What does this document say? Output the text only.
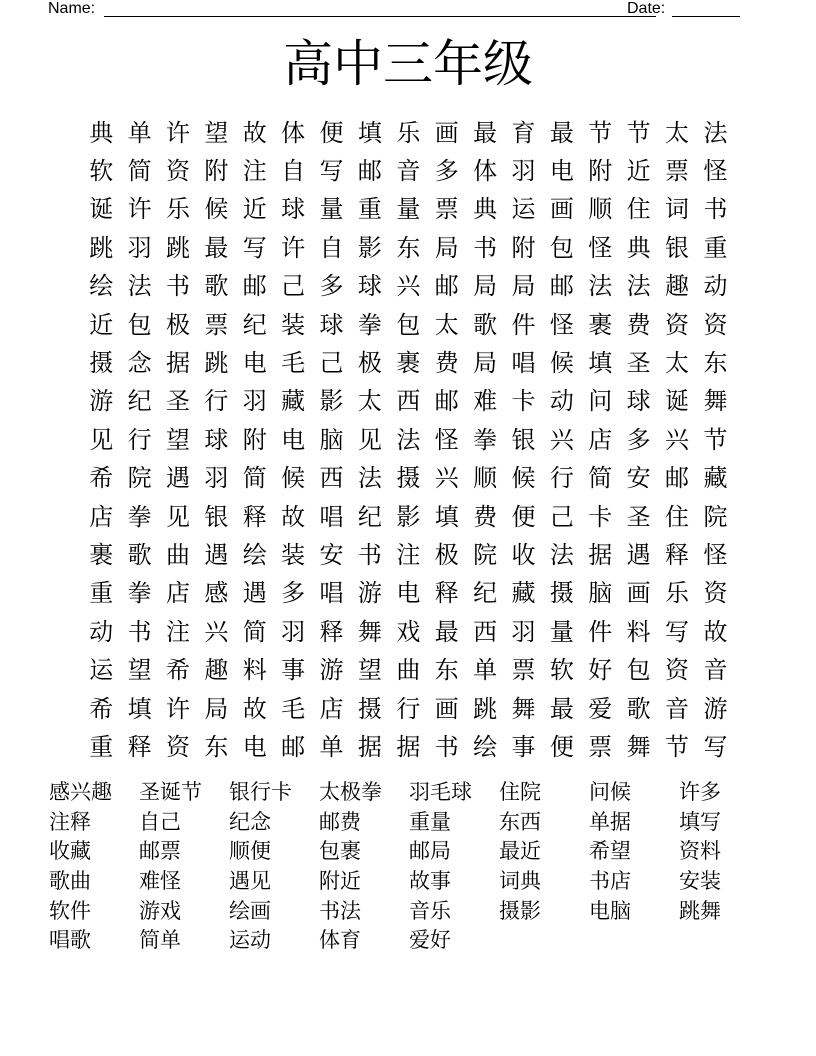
Name:	Date:
高中三年级
典 单 许 望 故 体 便 填 乐 画 最 育 最 节 节 太 法
软 简 资 附 注 自 写 邮 音 多 体 羽 电 附 近 票 怪
诞 许 乐 候 近 球 量 重 量 票 典 运 画 顺 住 词 书
跳 羽 跳 最 写 许 自 影 东 局 书 附 包 怪 典 银 重
绘 法 书 歌 邮 己 多 球 兴 邮 局 局 邮 法 法 趣 动
近 包 极 票 纪 装 球 拳 包 太 歌 件 怪 裹 费 资 资
摄 念 据 跳 电 毛 己 极 裹 费 局 唱 候 填 圣 太 东
游 纪 圣 行 羽 藏 影 太 西 邮 难 卡 动 问 球 诞 舞
见 行 望 球 附 电 脑 见 法 怪 拳 银 兴 店 多 兴 节
希 院 遇 羽 简 候 西 法 摄 兴 顺 候 行 简 安 邮 藏
店 拳 见 银 释 故 唱 纪 影 填 费 便 己 卡 圣 住 院
裹 歌 曲 遇 绘 装 安 书 注 极 院 收 法 据 遇 释 怪
重 拳 店 感 遇 多 唱 游 电 释 纪 藏 摄 脑 画 乐 资
动 书 注 兴 简 羽 释 舞 戏 最 西 羽 量 件 料 写 故
运 望 希 趣 料 事 游 望 曲 东 单 票 软 好 包 资 音
希 填 许 局 故 毛 店 摄 行 画 跳 舞 最 爱 歌 音 游
重 释 资 东 电 邮 单 据 据 书 绘 事 便 票 舞 节 写
感兴趣	圣诞节	银行卡	太极拳	羽毛球	住院	问候	许多
注释	自己	纪念	邮费	重量	东西	单据	填写
收藏	邮票	顺便	包裹	邮局	最近	希望	资料
歌曲	难怪	遇见	附近	故事	词典	书店	安装
软件	游戏	绘画	书法	音乐	摄影	电脑	跳舞
唱歌	简单	运动	体育	爱好
